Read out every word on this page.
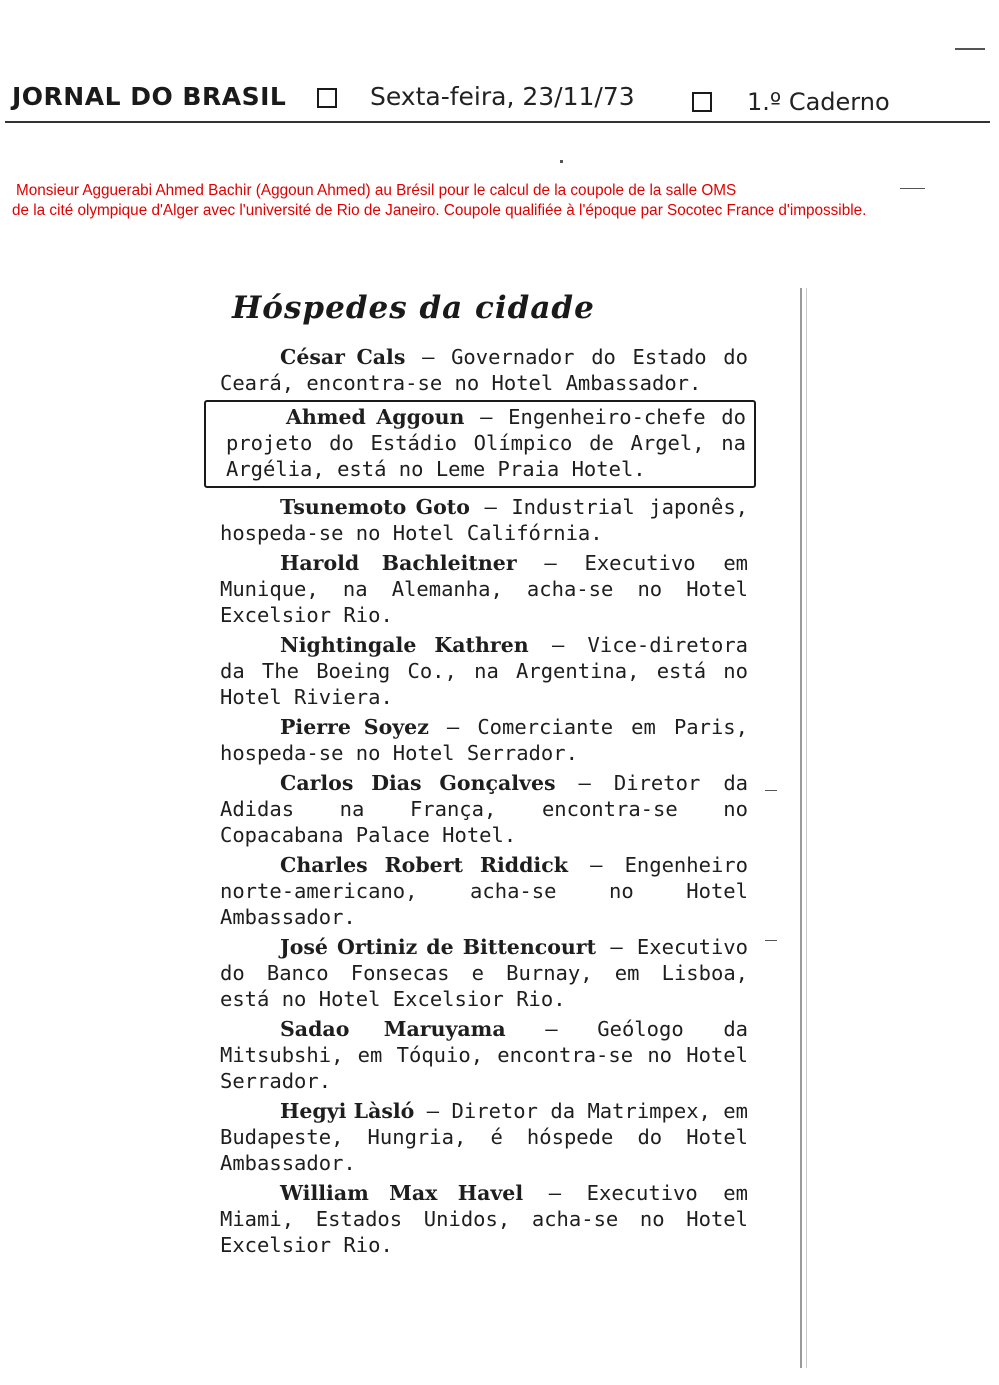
JORNAL DO BRASIL	Sexta-feira, 23/11/73	1.º Caderno
Monsieur Agguerabi Ahmed Bachir (Aggoun Ahmed) au Brésil pour le calcul de la coupole de la salle OMS
de la cité olympique d'Alger avec l'université de Rio de Janeiro. Coupole qualifiée à l'époque par Socotec France d'impossible.
Hóspedes da cidade

César Cals — Governador do Estado do Ceará, encontra-se no Hotel Ambassador.

Ahmed Aggoun — Engenheiro-chefe do projeto do Estádio Olímpico de Argel, na Argélia, está no Leme Praia Hotel.

Tsunemoto Goto — Industrial japonês, hospeda-se no Hotel Califórnia.

Harold Bachleitner — Executivo em Munique, na Alemanha, acha-se no Hotel Excelsior Rio.

Nightingale Kathren — Vice-diretora da The Boeing Co., na Argentina, está no Hotel Riviera.

Pierre Soyez — Comerciante em Paris, hospeda-se no Hotel Serrador.

Carlos Dias Gonçalves — Diretor da Adidas na França, encontra-se no Copacabana Palace Hotel.

Charles Robert Riddick — Engenheiro norte-americano, acha-se no Hotel Ambassador.

José Ortiniz de Bittencourt — Executivo do Banco Fonsecas e Burnay, em Lisboa, está no Hotel Excelsior Rio.

Sadao Maruyama — Geólogo da Mitsubshi, em Tóquio, encontra-se no Hotel Serrador.

Hegyi Làsló — Diretor da Matrimpex, em Budapeste, Hungria, é hóspede do Hotel Ambassador.

William Max Havel — Executivo em Miami, Estados Unidos, acha-se no Hotel Excelsior Rio.
